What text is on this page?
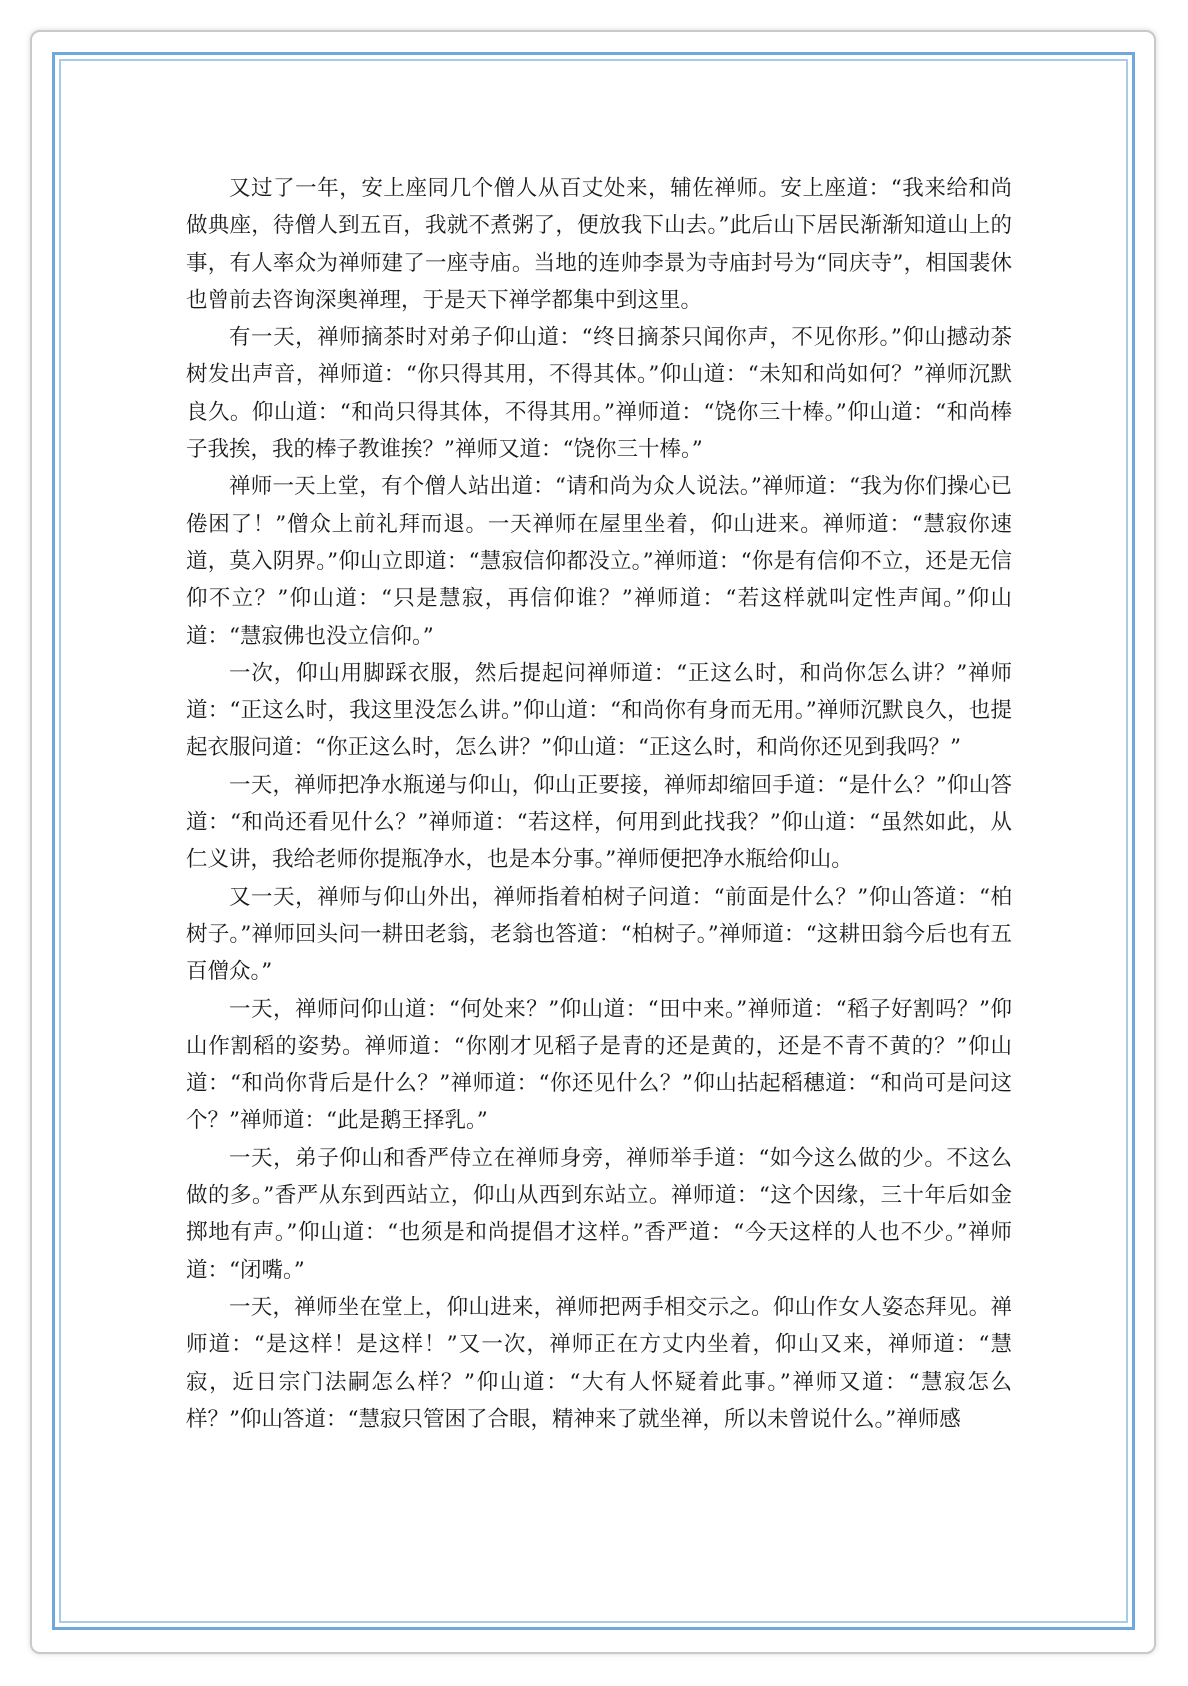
又过了一年，安上座同几个僧人从百丈处来，辅佐禅师。安上座道：“我来给和尚做典座，待僧人到五百，我就不煮粥了，便放我下山去。”此后山下居民渐渐知道山上的事，有人率众为禅师建了一座寺庙。当地的连帅李景为寺庙封号为“同庆寺”，相国裴休也曾前去咨询深奥禅理，于是天下禅学都集中到这里。

有一天，禅师摘茶时对弟子仰山道：“终日摘茶只闻你声，不见你形。”仰山撼动茶树发出声音，禅师道：“你只得其用，不得其体。”仰山道：“未知和尚如何？”禅师沉默良久。仰山道：“和尚只得其体，不得其用。”禅师道：“饶你三十棒。”仰山道：“和尚棒子我挨，我的棒子教谁挨？”禅师又道：“饶你三十棒。”

禅师一天上堂，有个僧人站出道：“请和尚为众人说法。”禅师道：“我为你们操心已倦困了！”僧众上前礼拜而退。一天禅师在屋里坐着，仰山进来。禅师道：“慧寂你速道，莫入阴界。”仰山立即道：“慧寂信仰都没立。”禅师道：“你是有信仰不立，还是无信仰不立？”仰山道：“只是慧寂，再信仰谁？”禅师道：“若这样就叫定性声闻。”仰山道：“慧寂佛也没立信仰。”

一次，仰山用脚踩衣服，然后提起问禅师道：“正这么时，和尚你怎么讲？”禅师道：“正这么时，我这里没怎么讲。”仰山道：“和尚你有身而无用。”禅师沉默良久，也提起衣服问道：“你正这么时，怎么讲？”仰山道：“正这么时，和尚你还见到我吗？”

一天，禅师把净水瓶递与仰山，仰山正要接，禅师却缩回手道：“是什么？”仰山答道：“和尚还看见什么？”禅师道：“若这样，何用到此找我？”仰山道：“虽然如此，从仁义讲，我给老师你提瓶净水，也是本分事。”禅师便把净水瓶给仰山。

又一天，禅师与仰山外出，禅师指着柏树子问道：“前面是什么？”仰山答道：“柏树子。”禅师回头问一耕田老翁，老翁也答道：“柏树子。”禅师道：“这耕田翁今后也有五百僧众。”

一天，禅师问仰山道：“何处来？”仰山道：“田中来。”禅师道：“稻子好割吗？”仰山作割稻的姿势。禅师道：“你刚才见稻子是青的还是黄的，还是不青不黄的？”仰山道：“和尚你背后是什么？”禅师道：“你还见什么？”仰山拈起稻穗道：“和尚可是问这个？”禅师道：“此是鹅王择乳。”

一天，弟子仰山和香严侍立在禅师身旁，禅师举手道：“如今这么做的少。不这么做的多。”香严从东到西站立，仰山从西到东站立。禅师道：“这个因缘，三十年后如金掷地有声。”仰山道：“也须是和尚提倡才这样。”香严道：“今天这样的人也不少。”禅师道：“闭嘴。”

一天，禅师坐在堂上，仰山进来，禅师把两手相交示之。仰山作女人姿态拜见。禅师道：“是这样！是这样！”又一次，禅师正在方丈内坐着，仰山又来，禅师道：“慧寂，近日宗门法嗣怎么样？”仰山道：“大有人怀疑着此事。”禅师又道：“慧寂怎么样？”仰山答道：“慧寂只管困了合眼，精神来了就坐禅，所以未曾说什么。”禅师感
